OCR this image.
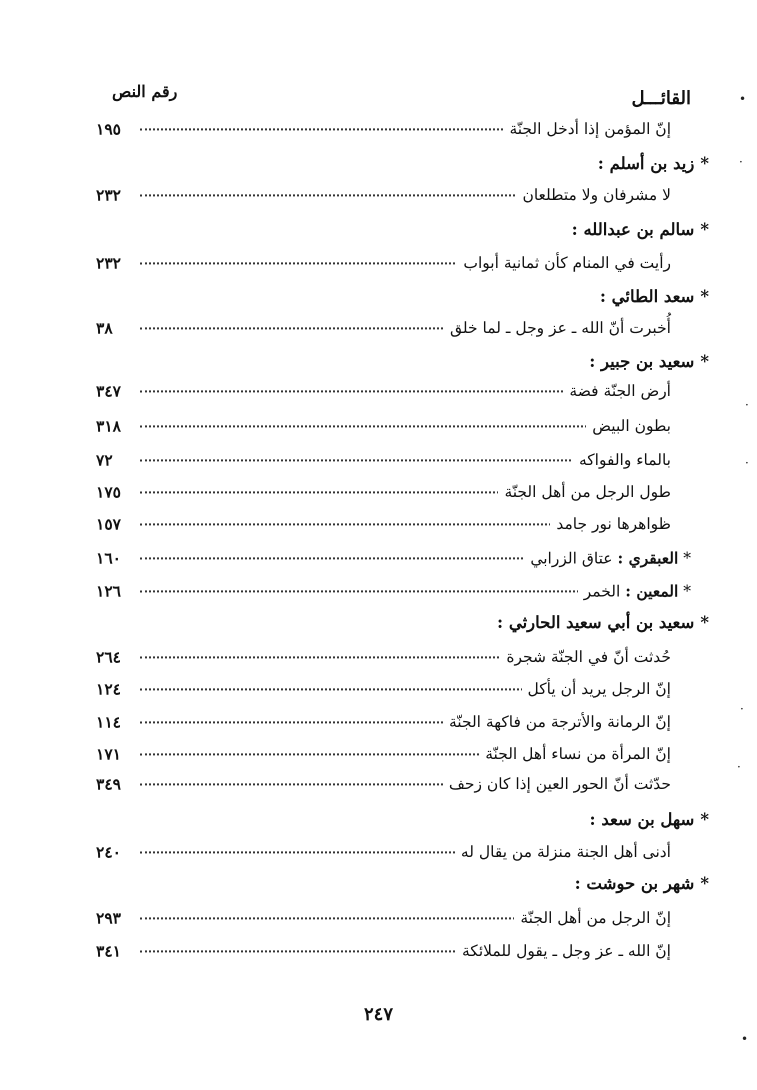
القائـــل
رقم النص
إنّ المؤمن إذا أدخل الجنّة
١٩٥
*زيد بن أسلم :
لا مشرفان ولا متطلعان
٢٣٢
*سالم بن عبدالله :
رأيت في المنام كأن ثمانية أبواب
٢٣٢
*سعد الطائي :
أُخبرت أنّ الله ـ عز وجل ـ لما خلق
٣٨
*سعيد بن جبير :
أرض الجنّة فضة
٣٤٧
بطون البيض
٣١٨
بالماء والفواكه
٧٢
طول الرجل من أهل الجنّة
١٧٥
ظواهرها نور جامد
١٥٧
* العبقري : عتاق الزرابي
١٦٠
* المعين : الخمر
١٢٦
*سعيد بن أبي سعيد الحارثي :
حُدثت أنّ في الجنّة شجرة
٢٦٤
إنّ الرجل يريد أن يأكل
١٢٤
إنّ الرمانة والأترجة من فاكهة الجنّة
١١٤
إنّ المرأة من نساء أهل الجنّة
١٧١
حدّثت أنّ الحور العين إذا كان زحف
٣٤٩
*سهل بن سعد :
أدنى أهل الجنة منزلة من يقال له
٢٤٠
*شهر بن حوشت :
إنّ الرجل من أهل الجنّة
٢٩٣
إنّ الله ـ عز وجل ـ يقول للملائكة
٣٤١
٢٤٧
•
·
·
·
·
·
•
